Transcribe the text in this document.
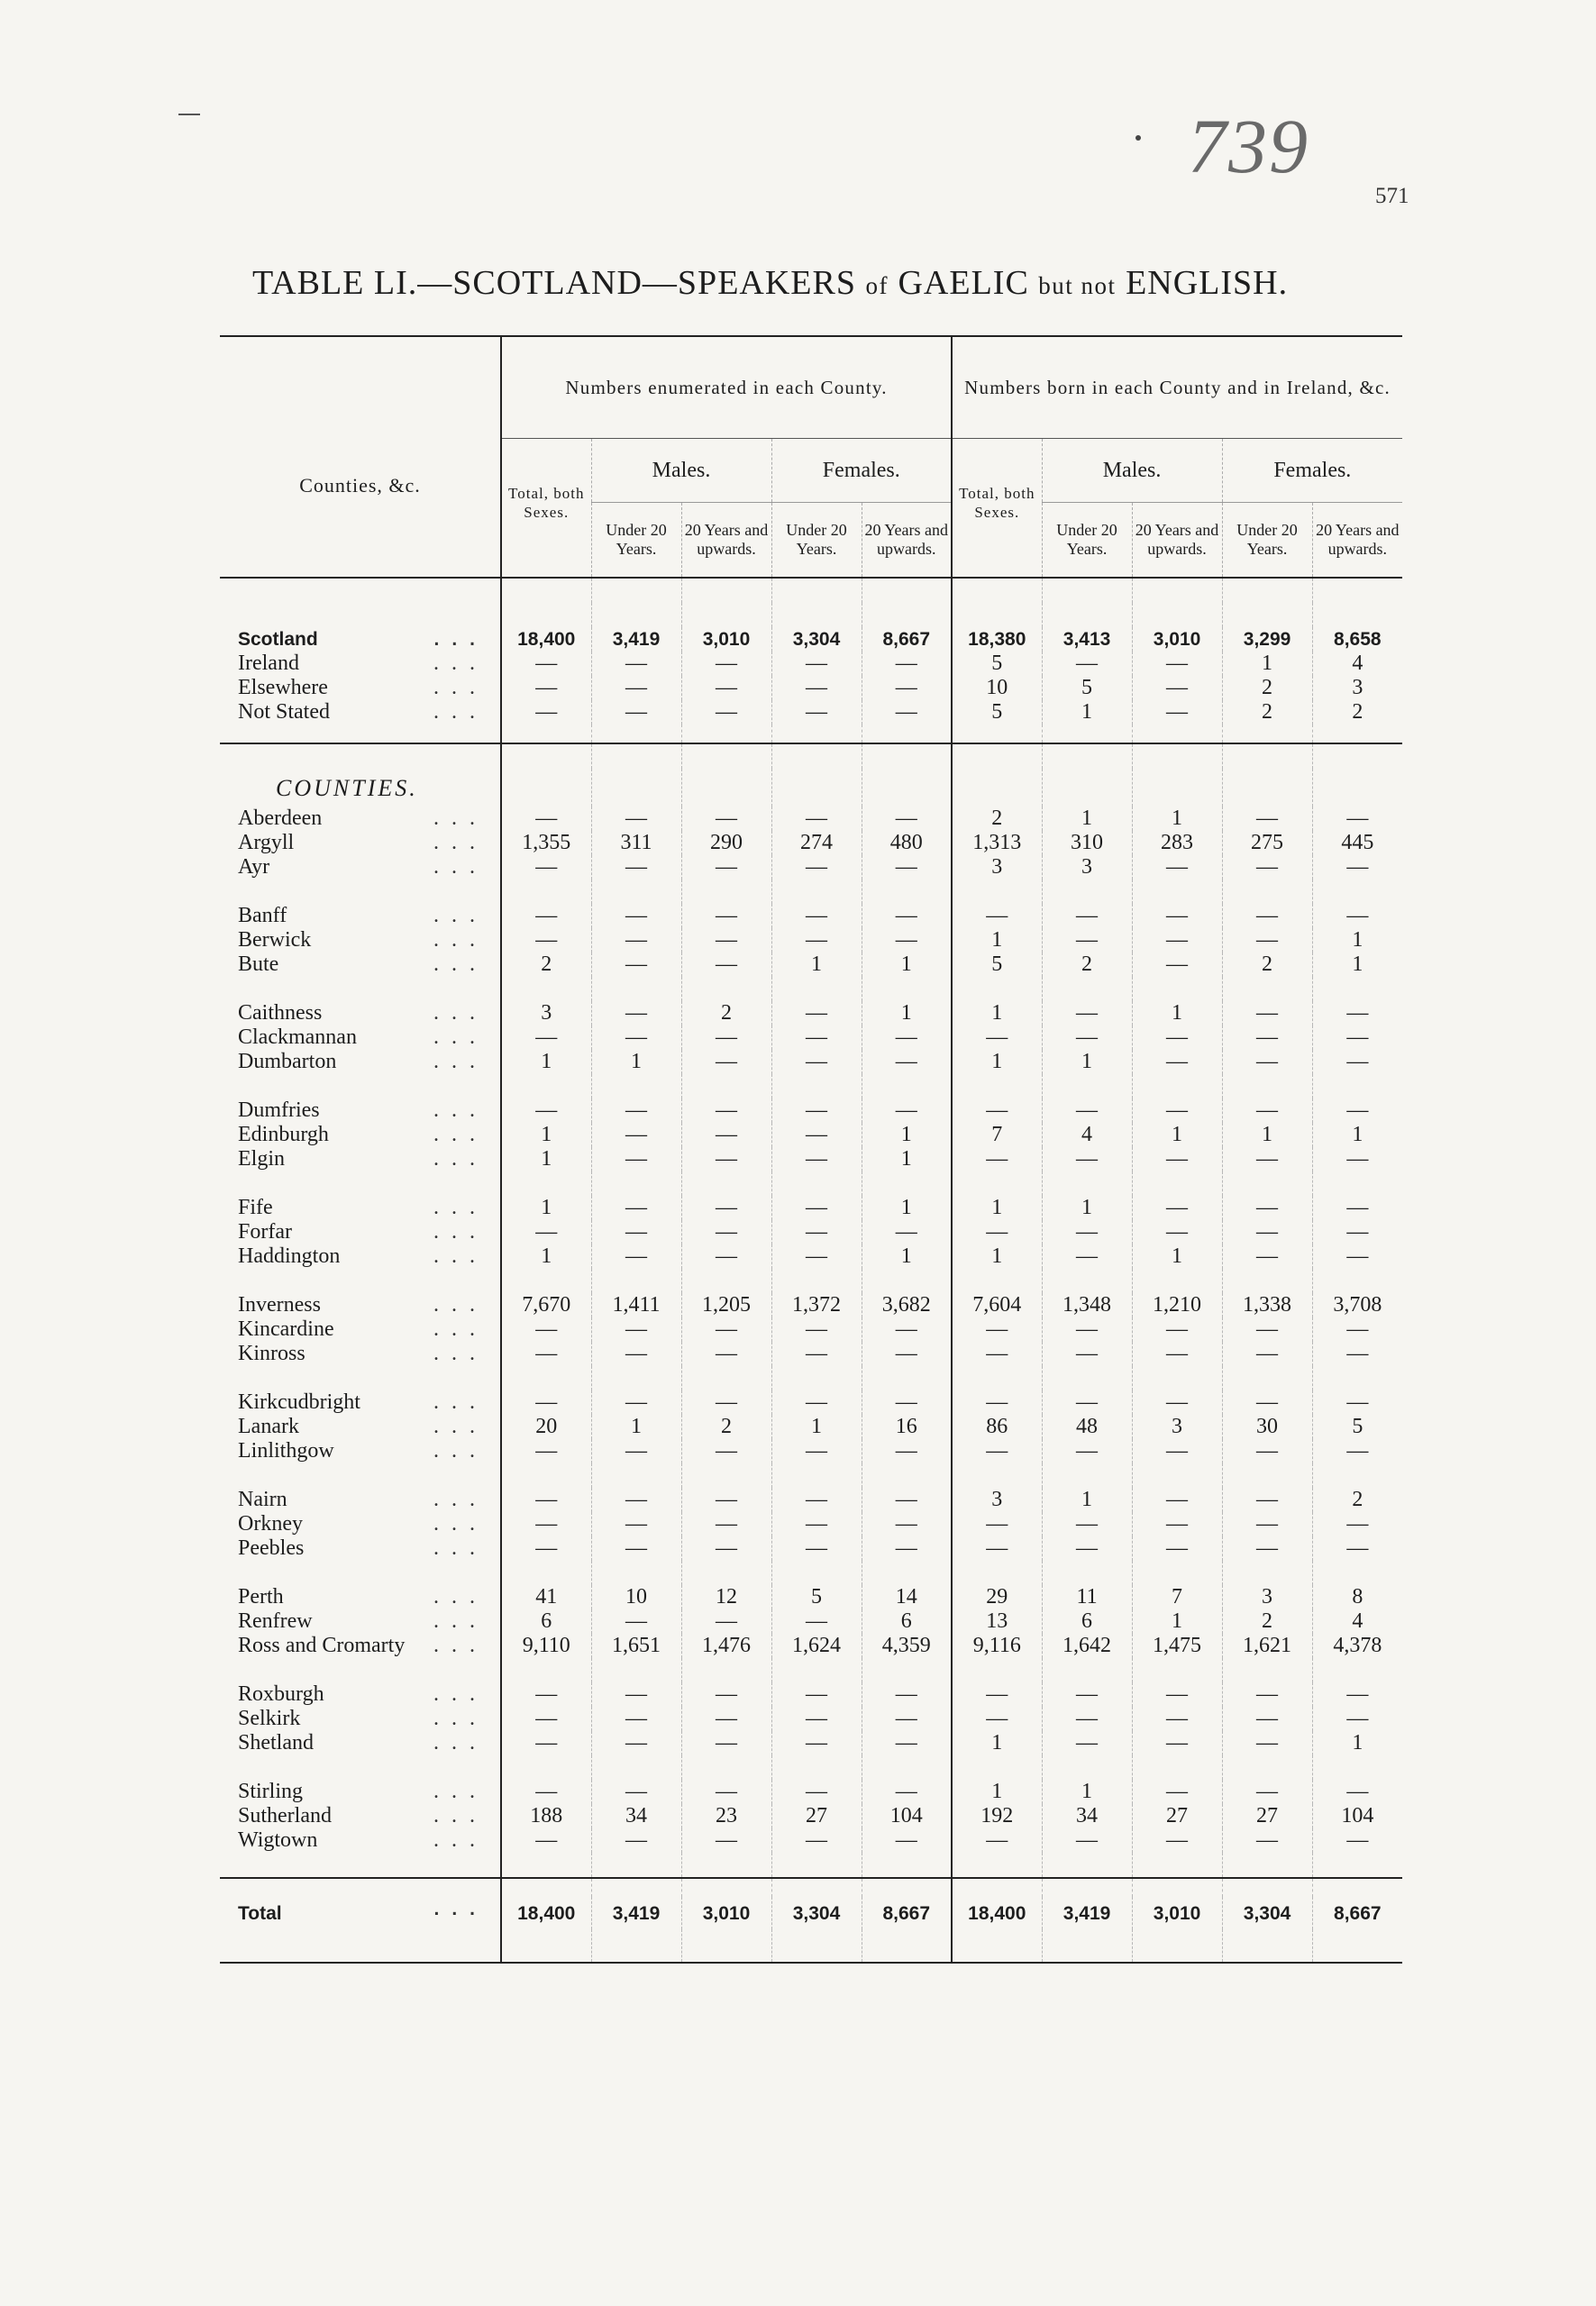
739
571
TABLE LI.—SCOTLAND—SPEAKERS of GAELIC but not ENGLISH.
Counties, &c.	Numbers enumerated in each County.					Numbers born in each County and in Ireland, &c.				
	Total, both Sexes.	Males.		Females.		Total, both Sexes.	Males.		Females.	
		Under 20 Years.	20 Years and upwards.	Under 20 Years.	20 Years and upwards.		Under 20 Years.	20 Years and upwards.	Under 20 Years.	20 Years and upwards.

Scotland ...	18,400	3,419	3,010	3,304	8,667	18,380	3,413	3,010	3,299	8,658
Ireland ...	—	—	—	—	—	5	—	—	1	4
Elsewhere ...	—	—	—	—	—	10	5	—	2	3
Not Stated ...	—	—	—	—	—	5	1	—	2	2

COUNTIES.										
Aberdeen ...	—	—	—	—	—	2	1	1	—	—
Argyll ...	1,355	311	290	274	480	1,313	310	283	275	445
Ayr ...	—	—	—	—	—	3	3	—	—	—

Banff ...	—	—	—	—	—	—	—	—	—	—
Berwick ...	—	—	—	—	—	1	—	—	—	1
Bute ...	2	—	—	1	1	5	2	—	2	1

Caithness ...	3	—	2	—	1	1	—	1	—	—
Clackmannan ...	—	—	—	—	—	—	—	—	—	—
Dumbarton ...	1	1	—	—	—	1	1	—	—	—

Dumfries ...	—	—	—	—	—	—	—	—	—	—
Edinburgh ...	1	—	—	—	1	7	4	1	1	1
Elgin ...	1	—	—	—	1	—	—	—	—	—

Fife ...	1	—	—	—	1	1	1	—	—	—
Forfar ...	—	—	—	—	—	—	—	—	—	—
Haddington ...	1	—	—	—	1	1	—	1	—	—

Inverness ...	7,670	1,411	1,205	1,372	3,682	7,604	1,348	1,210	1,338	3,708
Kincardine ...	—	—	—	—	—	—	—	—	—	—
Kinross ...	—	—	—	—	—	—	—	—	—	—

Kirkcudbright ...	—	—	—	—	—	—	—	—	—	—
Lanark ...	20	1	2	1	16	86	48	3	30	5
Linlithgow ...	—	—	—	—	—	—	—	—	—	—

Nairn ...	—	—	—	—	—	3	1	—	—	2
Orkney ...	—	—	—	—	—	—	—	—	—	—
Peebles ...	—	—	—	—	—	—	—	—	—	—

Perth ...	41	10	12	5	14	29	11	7	3	8
Renfrew ...	6	—	—	—	6	13	6	1	2	4
Ross and Cromarty ...	9,110	1,651	1,476	1,624	4,359	9,116	1,642	1,475	1,621	4,378

Roxburgh ...	—	—	—	—	—	—	—	—	—	—
Selkirk ...	—	—	—	—	—	—	—	—	—	—
Shetland ...	—	—	—	—	—	1	—	—	—	1

Stirling ...	—	—	—	—	—	1	1	—	—	—
Sutherland ...	188	34	23	27	104	192	34	27	27	104
Wigtown ...	—	—	—	—	—	—	—	—	—	—

Total ...	18,400	3,419	3,010	3,304	8,667	18,400	3,419	3,010	3,304	8,667
